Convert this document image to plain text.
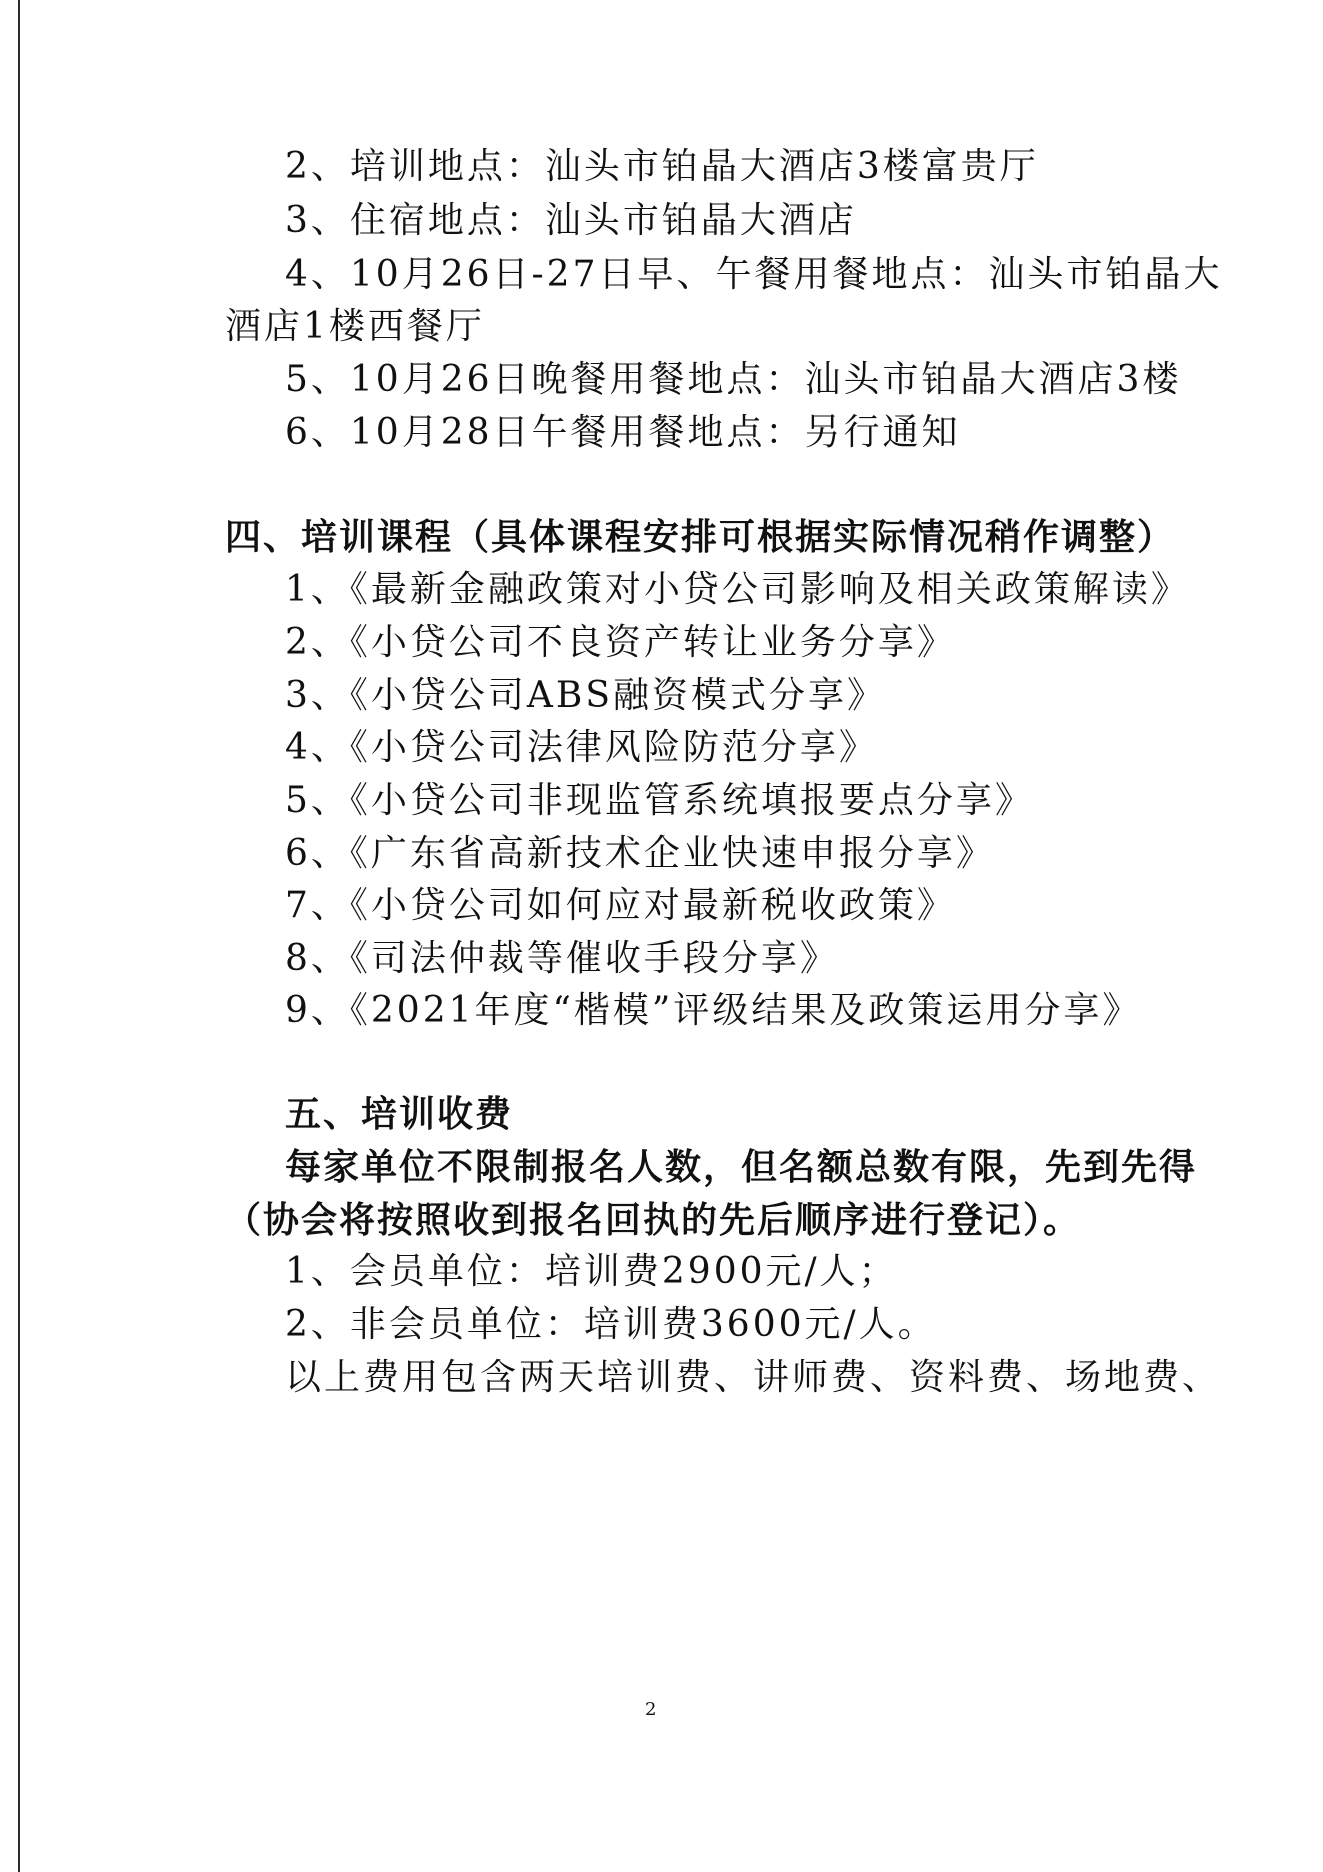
2、培训地点：汕头市铂晶大酒店3楼富贵厅

3、住宿地点：汕头市铂晶大酒店

4、10月26日-27日早、午餐用餐地点：汕头市铂晶大

酒店1楼西餐厅

5、10月26日晚餐用餐地点：汕头市铂晶大酒店3楼

6、10月28日午餐用餐地点：另行通知

四、培训课程（具体课程安排可根据实际情况稍作调整）

1、《最新金融政策对小贷公司影响及相关政策解读》

2、《小贷公司不良资产转让业务分享》

3、《小贷公司ABS融资模式分享》

4、《小贷公司法律风险防范分享》

5、《小贷公司非现监管系统填报要点分享》

6、《广东省高新技术企业快速申报分享》

7、《小贷公司如何应对最新税收政策》

8、《司法仲裁等催收手段分享》

9、《2021年度“楷模”评级结果及政策运用分享》

五、培训收费

每家单位不限制报名人数，但名额总数有限，先到先得

（协会将按照收到报名回执的先后顺序进行登记）。

1、会员单位：培训费2900元/人；

2、非会员单位：培训费3600元/人。

以上费用包含两天培训费、讲师费、资料费、场地费、

2
